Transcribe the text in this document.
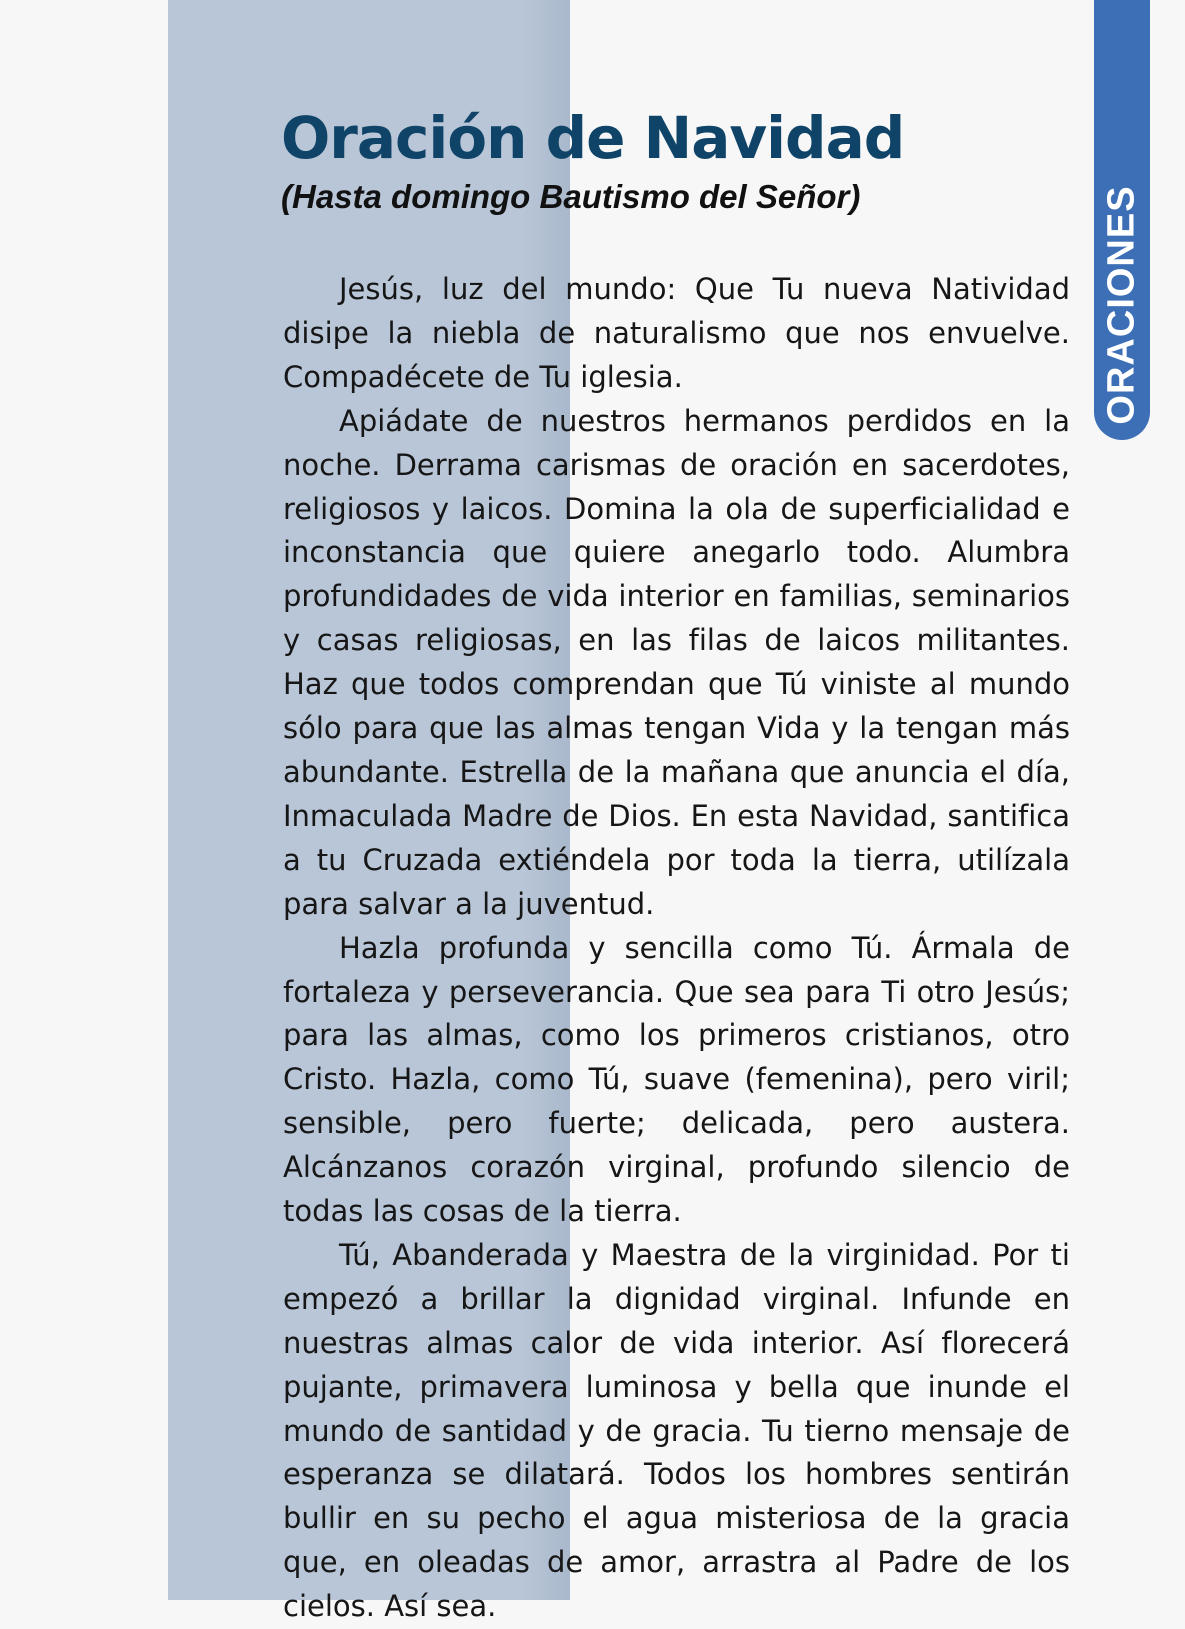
ORACIONES
Oración de Navidad
(Hasta domingo Bautismo del Señor)

Jesús, luz del mundo: Que Tu nueva Natividad disipe la niebla de naturalismo que nos envuelve. Compadécete de Tu iglesia.

Apiádate de nuestros hermanos perdidos en la noche. Derrama carismas de oración en sacerdotes, religiosos y laicos. Domina la ola de superficialidad e inconstancia que quiere anegarlo todo. Alumbra profundidades de vida interior en familias, seminarios y casas religiosas, en las filas de laicos militantes. Haz que todos comprendan que Tú viniste al mundo sólo para que las almas tengan Vida y la tengan más abundante. Estrella de la mañana que anuncia el día, Inmaculada Madre de Dios. En esta Navidad, santifica a tu Cruzada extiéndela por toda la tierra, utilízala para salvar a la juventud.

Hazla profunda y sencilla como Tú. Ármala de fortaleza y perseverancia. Que sea para Ti otro Jesús; para las almas, como los primeros cristianos, otro Cristo. Hazla, como Tú, suave (femenina), pero viril; sensible, pero fuerte; delicada, pero austera. Alcánzanos corazón virginal, profundo silencio de todas las cosas de la tierra.

Tú, Abanderada y Maestra de la virginidad. Por ti empezó a brillar la dignidad virginal. Infunde en nuestras almas calor de vida interior. Así florecerá pujante, primavera luminosa y bella que inunde el mundo de santidad y de gracia. Tu tierno mensaje de esperanza se dilatará. Todos los hombres sentirán bullir en su pecho el agua misteriosa de la gracia que, en oleadas de amor, arrastra al Padre de los cielos. Así sea.
